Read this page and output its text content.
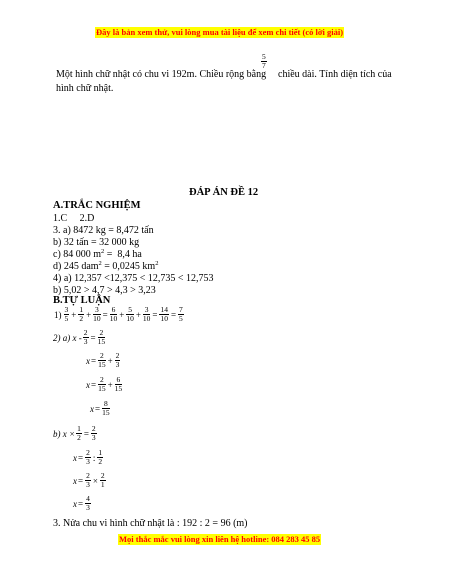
Đây là bản xem thử, vui lòng mua tài liệu để xem chi tiết (có lời giải)
Một hình chữ nhật có chu vi 192m. Chiều rộng bằng
$\frac{5}{7}$
chiều dài. Tính diện tích của
hình chữ nhật.
ĐÁP ÁN ĐỀ 12
A.TRẮC NGHIỆM
1.C     2.D
3. a) 8472 kg = 8,472 tấn
b) 32 tấn = 32 000 kg
c) 84 000 $m^2 = 8,4$ ha
d) 245 dam$^2$ = 0,0245 $km^2$
4) a) 12,357 <12,375 < 12,735 < 12,753
b) 5,02 > 4,7 > 4,3 > 3,23
B.TỰ LUẬN
$1) \frac{3}{5} + \frac{1}{2} + \frac{3}{10} = \frac{6}{10} + \frac{5}{10} + \frac{3}{10} = \frac{14}{10} = \frac{7}{5}$
2) a) $x - \frac{2}{3} = \frac{2}{15}$
$x = \frac{2}{15} + \frac{2}{3}$
$x = \frac{2}{15} + \frac{6}{15}$
$x = \frac{8}{15}$
b) $x \times \frac{1}{2} = \frac{2}{3}$
$x = \frac{2}{3}$ : $\frac{1}{2}$
$x = \frac{2}{3} \times \frac{2}{1}$
$x = \frac{4}{3}$
3. Nửa chu vi hình chữ nhật là : 192 : 2 = 96 (m)
Mọi thắc mắc vui lòng xin liên hệ hotline: 084 283 45 85
